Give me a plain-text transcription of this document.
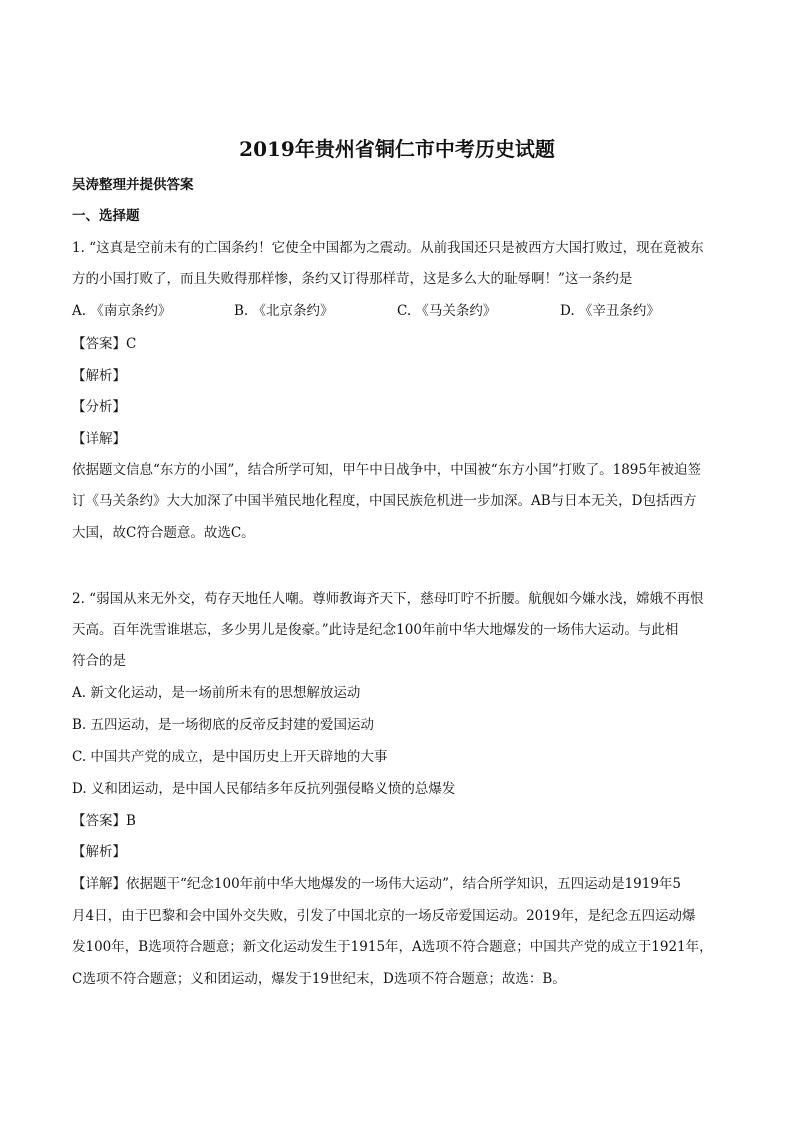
2019年贵州省铜仁市中考历史试题
吴涛整理并提供答案
一、选择题
1. “这真是空前未有的亡国条约！它使全中国都为之震动。从前我国还只是被西方大国打败过，现在竟被东
方的小国打败了，而且失败得那样惨，条约又订得那样苛，这是多么大的耻辱啊！”这一条约是
A. 《南京条约》	B. 《北京条约》	C. 《马关条约》	D. 《辛丑条约》
【答案】C
【解析】
【分析】
【详解】
依据题文信息“东方的小国”，结合所学可知，甲午中日战争中，中国被“东方小国”打败了。1895年被迫签
订《马关条约》大大加深了中国半殖民地化程度，中国民族危机进一步加深。AB与日本无关，D包括西方
大国，故C符合题意。故选C。
2. “弱国从来无外交，苟存天地任人嘲。尊师教诲齐天下，慈母叮咛不折腰。航舰如今嫌水浅，嫦娥不再恨
天高。百年洗雪谁堪忘，多少男儿是俊豪。”此诗是纪念100年前中华大地爆发的一场伟大运动。与此相
符合的是
A. 新文化运动，是一场前所未有的思想解放运动
B. 五四运动，是一场彻底的反帝反封建的爱国运动
C. 中国共产党的成立，是中国历史上开天辟地的大事
D. 义和团运动，是中国人民郁结多年反抗列强侵略义愤的总爆发
【答案】B
【解析】
【详解】依据题干“纪念100年前中华大地爆发的一场伟大运动”，结合所学知识，五四运动是1919年5
月4日，由于巴黎和会中国外交失败，引发了中国北京的一场反帝爱国运动。2019年，是纪念五四运动爆
发100年，B选项符合题意；新文化运动发生于1915年，A选项不符合题意；中国共产党的成立于1921年，
C选项不符合题意；义和团运动，爆发于19世纪末，D选项不符合题意；故选：B。
